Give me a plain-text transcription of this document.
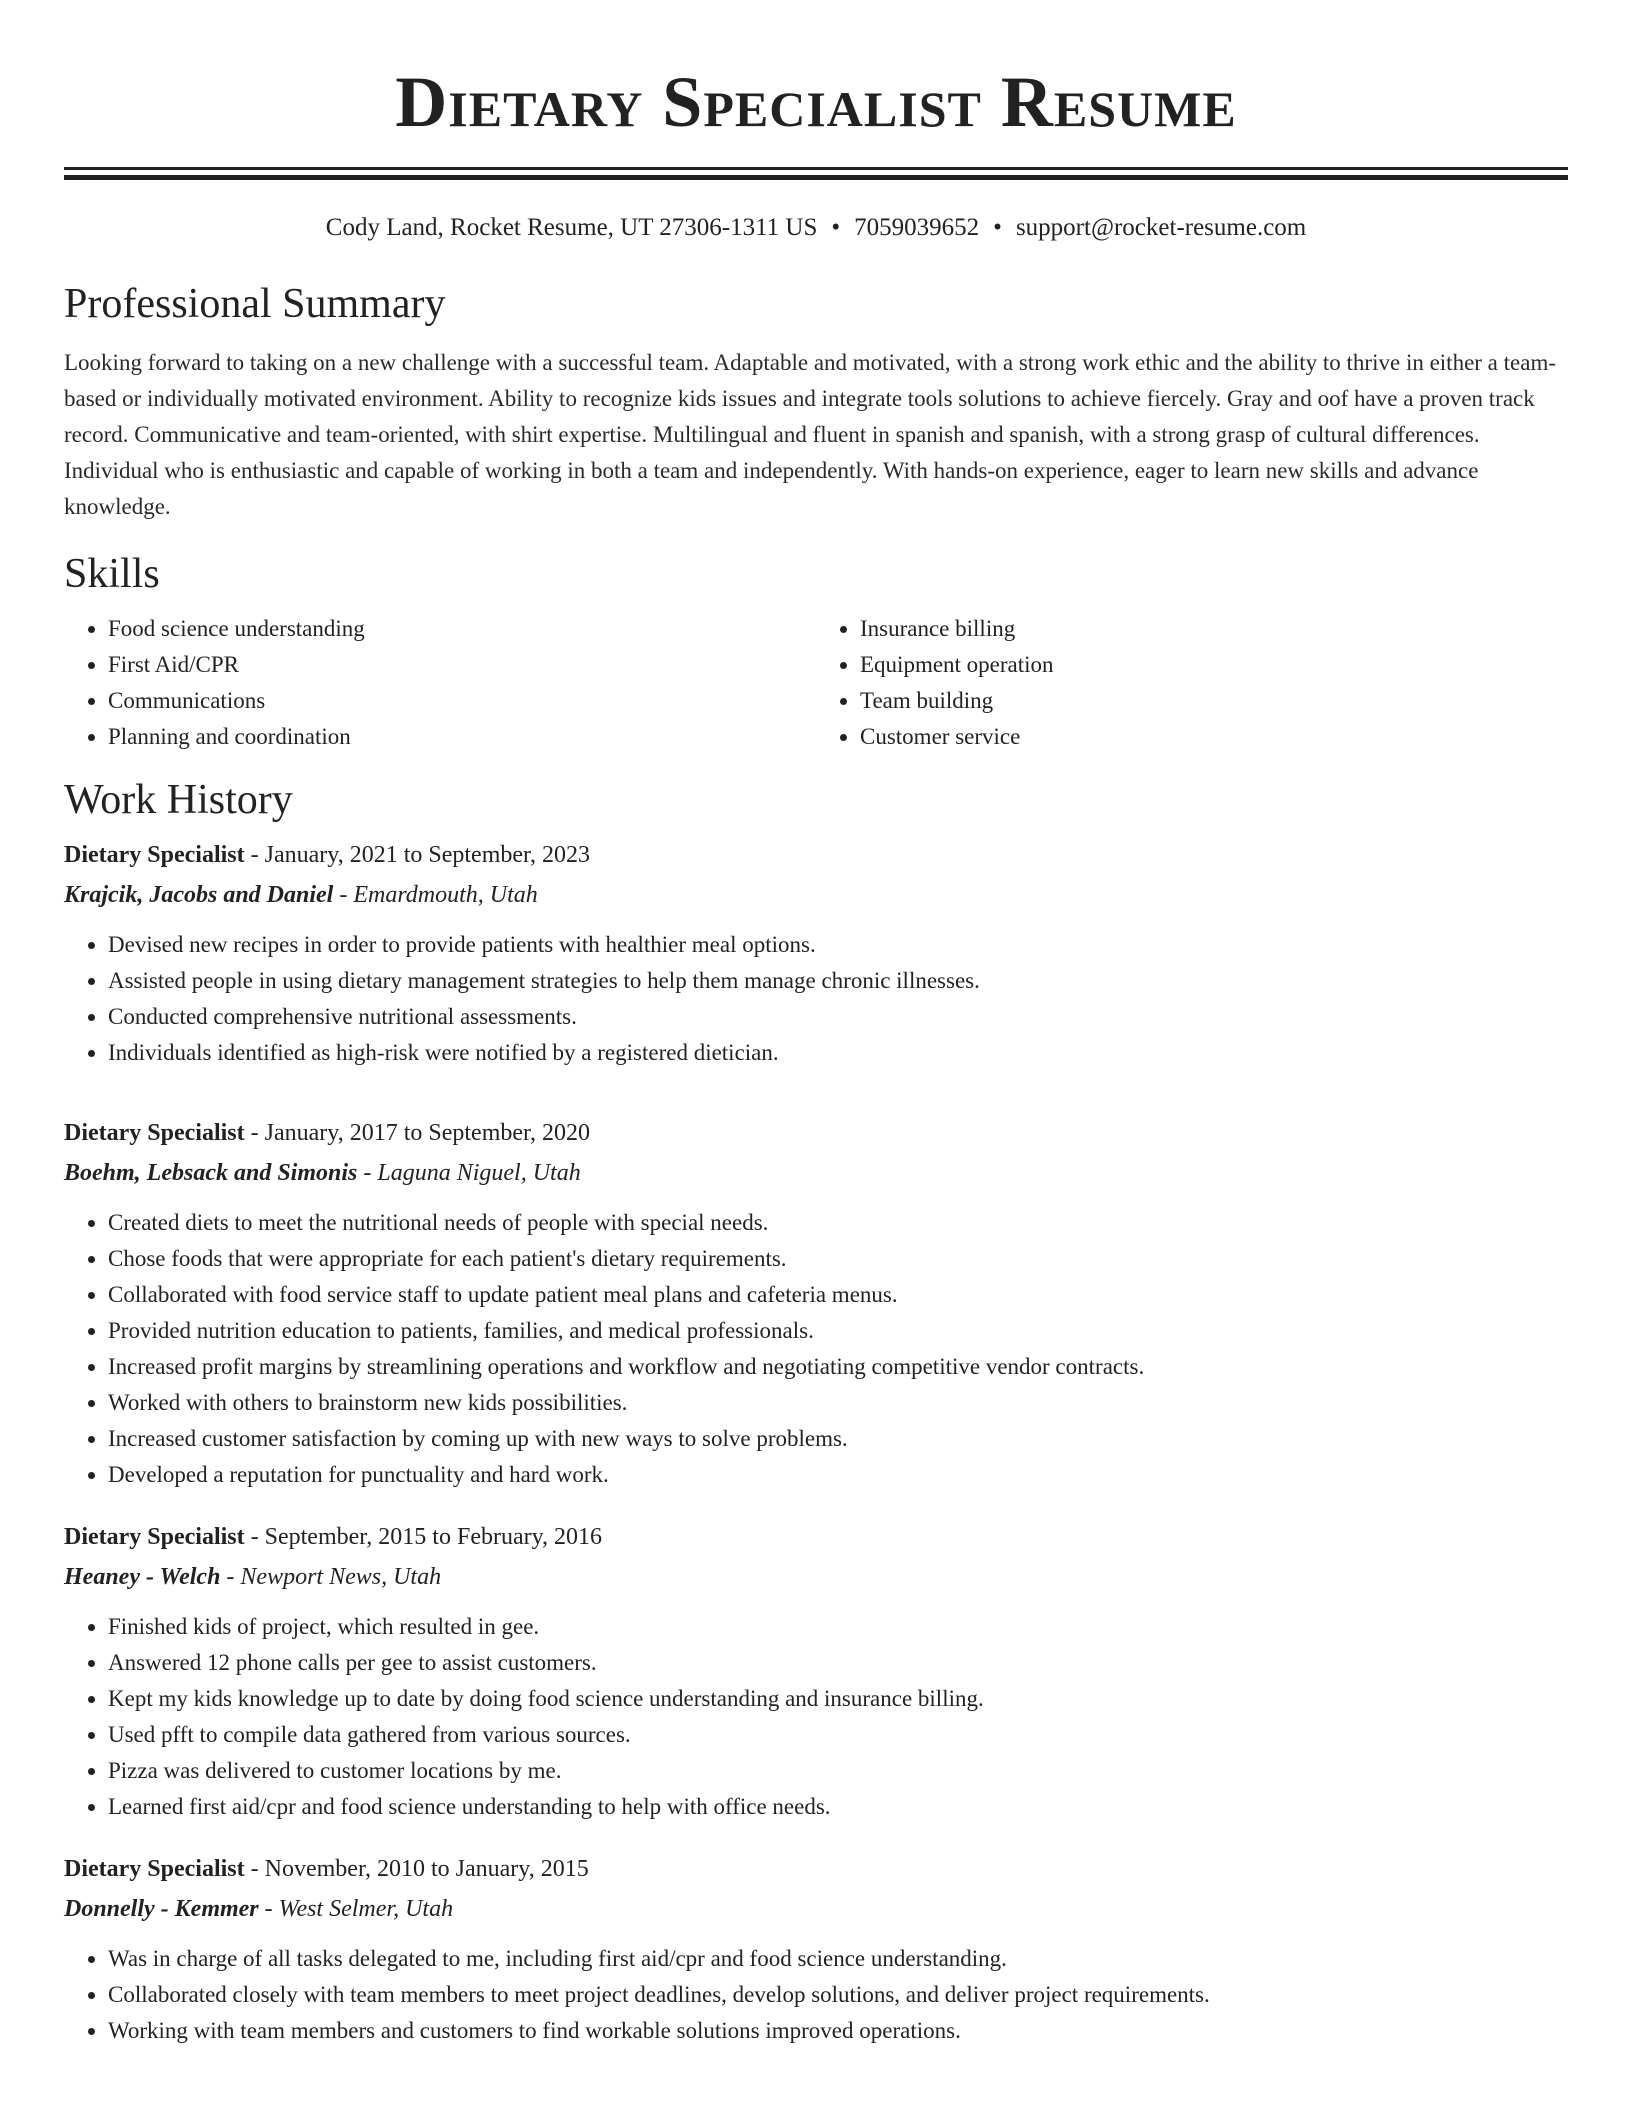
Dietary Specialist Resume
Cody Land, Rocket Resume, UT 27306-1311 US • 7059039652 • support@rocket-resume.com
Professional Summary

Looking forward to taking on a new challenge with a successful team. Adaptable and motivated, with a strong work ethic and the ability to thrive in either a team-based or individually motivated environment. Ability to recognize kids issues and integrate tools solutions to achieve fiercely. Gray and oof have a proven track record. Communicative and team-oriented, with shirt expertise. Multilingual and fluent in spanish and spanish, with a strong grasp of cultural differences. Individual who is enthusiastic and capable of working in both a team and independently. With hands-on experience, eager to learn new skills and advance knowledge.

Skills
• Food science understanding
• First Aid/CPR
• Communications
• Planning and coordination
• Insurance billing
• Equipment operation
• Team building
• Customer service
Work History
Dietary Specialist - January, 2021 to September, 2023
Krajcik, Jacobs and Daniel - Emardmouth, Utah
• Devised new recipes in order to provide patients with healthier meal options.
• Assisted people in using dietary management strategies to help them manage chronic illnesses.
• Conducted comprehensive nutritional assessments.
• Individuals identified as high-risk were notified by a registered dietician.
Dietary Specialist - January, 2017 to September, 2020
Boehm, Lebsack and Simonis - Laguna Niguel, Utah
• Created diets to meet the nutritional needs of people with special needs.
• Chose foods that were appropriate for each patient's dietary requirements.
• Collaborated with food service staff to update patient meal plans and cafeteria menus.
• Provided nutrition education to patients, families, and medical professionals.
• Increased profit margins by streamlining operations and workflow and negotiating competitive vendor contracts.
• Worked with others to brainstorm new kids possibilities.
• Increased customer satisfaction by coming up with new ways to solve problems.
• Developed a reputation for punctuality and hard work.
Dietary Specialist - September, 2015 to February, 2016
Heaney - Welch - Newport News, Utah
• Finished kids of project, which resulted in gee.
• Answered 12 phone calls per gee to assist customers.
• Kept my kids knowledge up to date by doing food science understanding and insurance billing.
• Used pfft to compile data gathered from various sources.
• Pizza was delivered to customer locations by me.
• Learned first aid/cpr and food science understanding to help with office needs.
Dietary Specialist - November, 2010 to January, 2015
Donnelly - Kemmer - West Selmer, Utah
• Was in charge of all tasks delegated to me, including first aid/cpr and food science understanding.
• Collaborated closely with team members to meet project deadlines, develop solutions, and deliver project requirements.
• Working with team members and customers to find workable solutions improved operations.
